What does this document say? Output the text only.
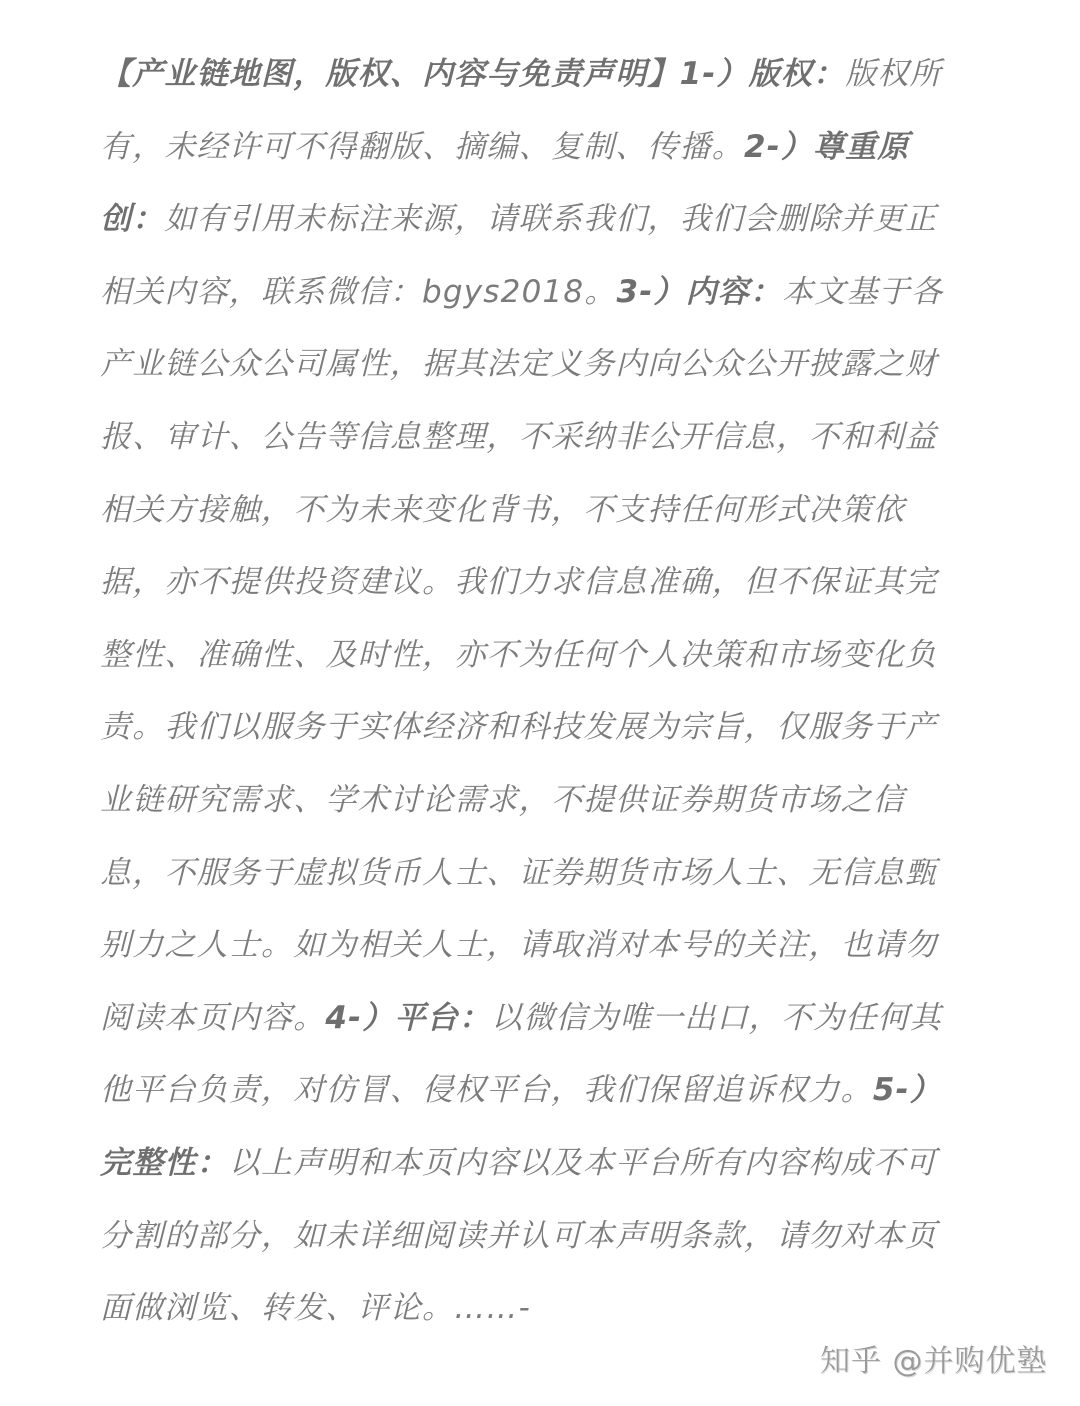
【产业链地图，版权、内容与免责声明】1-）版权：版权所
有，未经许可不得翻版、摘编、复制、传播。2-）尊重原
创：如有引用未标注来源，请联系我们，我们会删除并更正
相关内容，联系微信：bgys2018。3-）内容：本文基于各
产业链公众公司属性，据其法定义务内向公众公开披露之财
报、审计、公告等信息整理，不采纳非公开信息，不和利益
相关方接触，不为未来变化背书，不支持任何形式决策依
据，亦不提供投资建议。我们力求信息准确，但不保证其完
整性、准确性、及时性，亦不为任何个人决策和市场变化负
责。我们以服务于实体经济和科技发展为宗旨，仅服务于产
业链研究需求、学术讨论需求，不提供证券期货市场之信
息，不服务于虚拟货币人士、证券期货市场人士、无信息甄
别力之人士。如为相关人士，请取消对本号的关注，也请勿
阅读本页内容。4-）平台：以微信为唯一出口，不为任何其
他平台负责，对仿冒、侵权平台，我们保留追诉权力。5-）
完整性：以上声明和本页内容以及本平台所有内容构成不可
分割的部分，如未详细阅读并认可本声明条款，请勿对本页
面做浏览、转发、评论。……-
知乎 @并购优塾
